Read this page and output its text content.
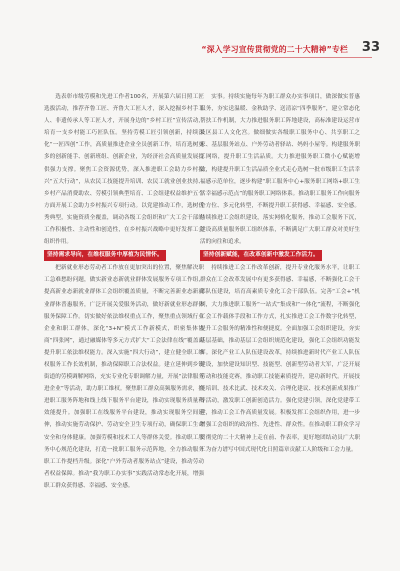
“深入学习宣传贯彻党的二十大精神”专栏 33

选表彰市级劳模和先进工作者100名，开展第六届日照工匠选拔活动，推荐齐鲁工匠、齐鲁大工匠人才，深入挖掘乡村手工人、非遗传承人等工匠人才，开展身边的“乡村工匠”宣传活动，培育一支乡村能工巧匠队伍。坚持劳模工匠引领创新，持续深化“一匠四创”工作，高质量推进企业全员创新工作，培育选树更多的创新能手、创新班组、创新企业，为经济社会高质量发展提供强力支撑。聚焦工会资源优势，深入推进职工会助力乡村振兴“五大行动”，从农民工技能提升培训、农民工就业创业扶持、乡村产品消费助农、劳模引领典型培育、工会组建权益维护五个方面开展工会助力乡村振兴专项行动。以党建推动工作，选树优秀典型，实施资质全覆盖，调动各级工会组织和广大工会干部的工作积极性、主动性和创造性，在乡村振兴战略中更好发挥工会组织作用。

坚持需求导向，在维权服务中厚植为民情怀。

把新就业形态劳动者工作放在更加突出的位置，聚焦解决职工急难愁盼问题，做实新业态新就业群体发展服务专项工作组，提高新业态新就业群体工会组织覆盖质量，不断完善新业态新就业群体普惠服务，广泛开展关爱服务活动，做好新就业形态群体服务保障工作。切实做好依法维权重点工作，聚焦重点领域行业企业和职工群体，深化“3+N”模式工作新模式，织密集体协商“四张网”，通过融媒体等多元方式扩大“工会法律在线”覆盖面提升职工依法维权能力。深入实施“四大行动”，建立健全职工维权服务工作长效机制，推动保障职工合法权益。建立延伸到乡镇街道的劳模调解网络，充实专业化专职调解力量，开展“法律服务进企业”等活动，助力职工维权。聚焦职工群众高频服务需求，推进职工服务阵地和线上线下服务平台建设，推动实现服务质量和效能提升。加强职工在线服务平台建设，推动实现服务空间延伸，推动实施劳动保护、劳动安全卫生专项行动，确保职工生命安全和身体健康。加强劳模和技术工人等群体关爱。推动职工服务中心规范化建设，打造一批职工服务示范阵地，全力推动服务职工工作提档升级。深化“户外劳动者服务站点”建设，推动劳动者权益保障。推动“我为职工办实事”实践活动常态化开展，增强职工群众获得感、幸福感、安全感。

实事。持续实施每年为职工群众办实事项目，做深做实普惠服务，夯实送温暖、金秋助学、送清凉“四季服务”，建立常态化帮扶工作机制，大力推进服务职工阵地建设，高标准建设运营市及区县工人文化宫。做细做实各级职工服务中心、共享职工之家、基层服务站点、户外劳动者驿站、妈妈小屋等。构建服务职工网络，提升职工生活品质。大力推进服务职工微小心赋能增效，构建提升职工生活品质全业式走心选树一批市级职工生活幸福感示范单位，逐步构建“职工服务中心+服务职工网络+职工生活幸福感示范点”的服务职工网络体系。推动职工服务工作向服务全方位、多元化转型，不断提升职工获得感、幸福感、安全感。持续推进工会组织建设，落实网格化服务，推动工会服务下沉，建设高质量服务职工组织体系，不断满足广大职工群众对美好生活的向往和追求。

坚持创新赋能，在改革创新中激发工作活力。

持续推进工会工作改革创新，提升专业化服务水平，让职工群众在工会改革发展中有更多获得感、幸福感，不断强化工会干部队伍建设，培育高素质专业化工会干部队伍。完善“工会+”机制，大力推进职工服务“一站式”集成和“一体化”流程，不断强化工会工作载体手段和工作方式，扎实推进工会工作数字化转型，提升工会服务的精准性和便捷度。全面加强工会组织建设，夯实基层基础，推动基层工会组织规范化建设，强化工会组织功能发挥。深化产业工人队伍建设改革，持续推进新时代产业工人队伍建设，加快建设知识型、技能型、创新型劳动者大军，广泛开展劳动和技能竞赛，推动职工技能素质提升，建功新时代。开展技能培训、技术比武、技术攻关、合理化建议、技术创新成果推广等活动，激发职工创新创造活力。强化党建引领，深化党建带工建，推动工会工作高质量发展。积极发挥工会组织作用，进一步增强工会组织的政治性、先进性、群众性。在推动职工群众学习贯彻党的二十大精神上走在前、作表率，更好地团结动员广大职工为奋力谱写中国式现代化日照篇章贡献工人阶级和工会力量。
